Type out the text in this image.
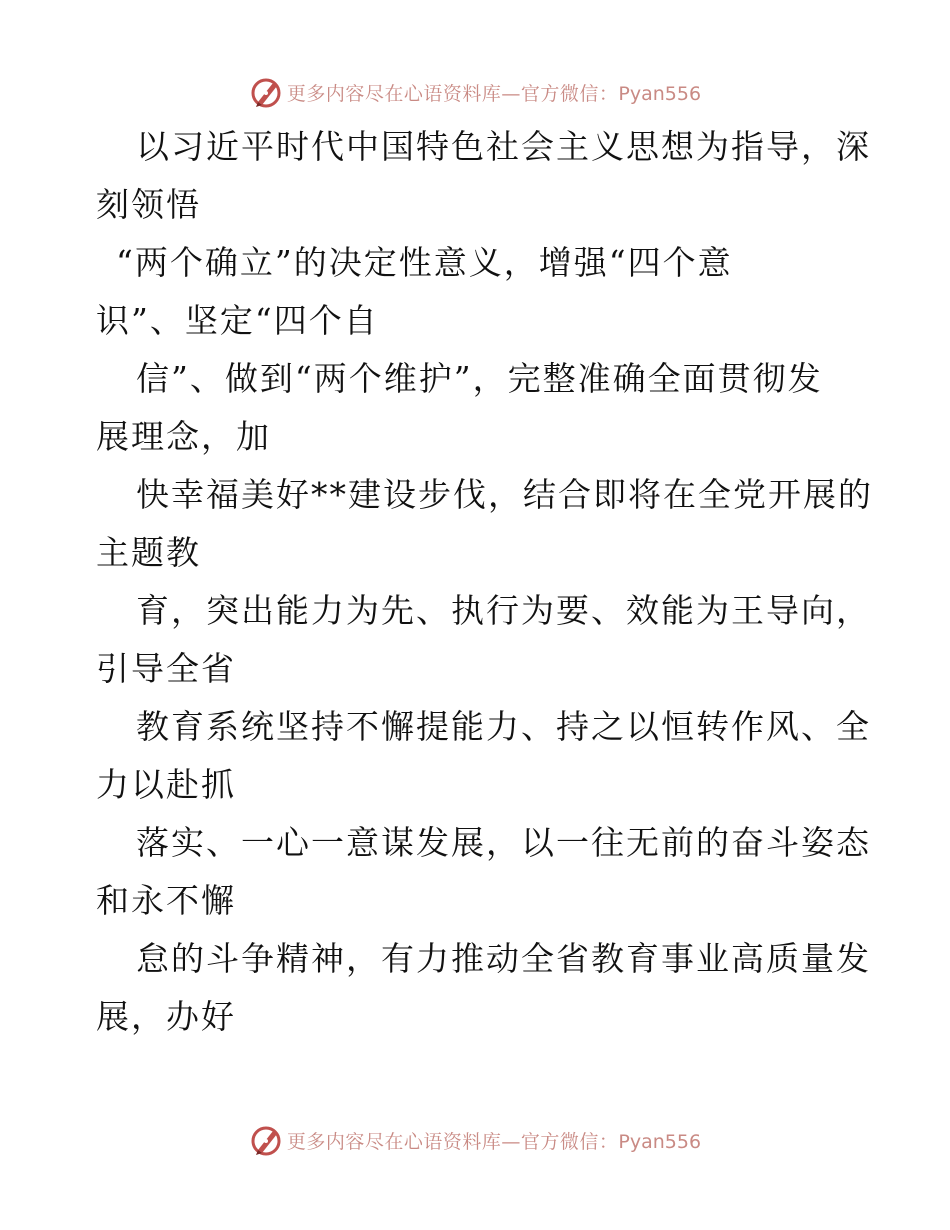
更多内容尽在心语资料库—官方微信：Pyan556
以习近平时代中国特色社会主义思想为指导，深
刻领悟
“两个确立”的决定性意义，增强“四个意
识”、坚定“四个自
信”、做到“两个维护”，完整准确全面贯彻发
展理念，加
快幸福美好**建设步伐，结合即将在全党开展的
主题教
育，突出能力为先、执行为要、效能为王导向，
引导全省
教育系统坚持不懈提能力、持之以恒转作风、全
力以赴抓
落实、一心一意谋发展，以一往无前的奋斗姿态
和永不懈
怠的斗争精神，有力推动全省教育事业高质量发
展，办好
更多内容尽在心语资料库—官方微信：Pyan556
